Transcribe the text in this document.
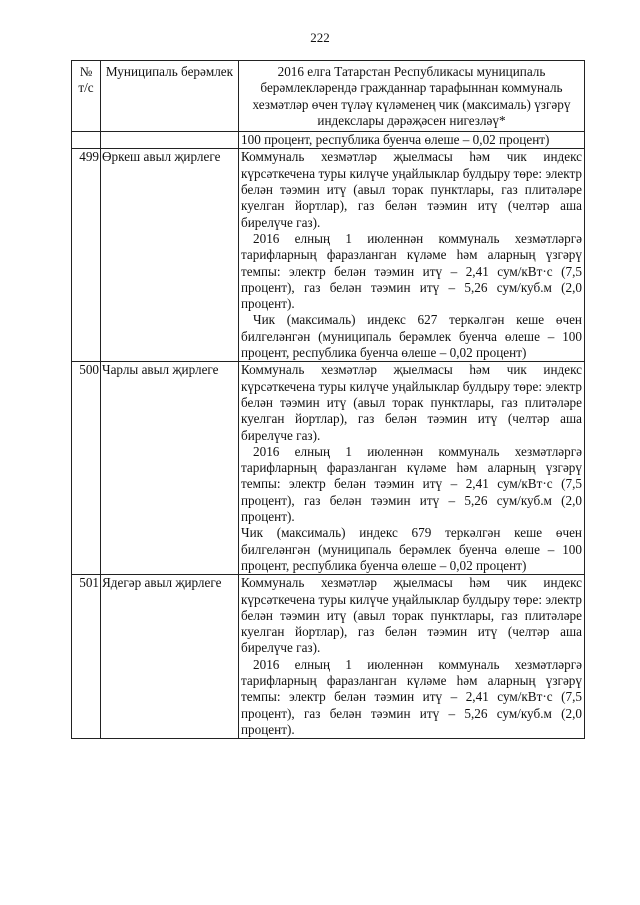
222
№ т/с	Муниципаль берәмлек	2016 елга Татарстан Республикасы муниципаль берәмлекләрендә гражданнар тарафыннан коммуналь хезмәтләр өчен түләү күләменең чик (максималь) үзгәрү индекслары дәрәҗәсен нигезләү*

		100 процент, республика буенча өлеше – 0,02 процент)

499	Өркеш авыл җирлеге	Коммуналь хезмәтләр җыелмасы һәм чик индекс күрсәткечена туры килүче уңайлыклар булдыру төре: электр белән тәэмин итү (авыл торак пунктлары, газ плитәләре куелган йортлар), газ белән тәэмин итү (челтәр аша бирелүче газ).

2016 елның 1 июленнән коммуналь хезмәтләргә тарифларның фаразланган күләме һәм аларның үзгәрү темпы: электр белән тәэмин итү – 2,41 сум/кВт·с (7,5 процент), газ белән тәэмин итү – 5,26 сум/куб.м (2,0 процент).

Чик (максималь) индекс 627 теркәлгән кеше өчен билгеләнгән (муниципаль берәмлек буенча өлеше – 100 процент, республика буенча өлеше – 0,02 процент)

500	Чарлы авыл җирлеге	Коммуналь хезмәтләр җыелмасы һәм чик индекс күрсәткечена туры килүче уңайлыклар булдыру төре: электр белән тәэмин итү (авыл торак пунктлары, газ плитәләре куелган йортлар), газ белән тәэмин итү (челтәр аша бирелүче газ).

2016 елның 1 июленнән коммуналь хезмәтләргә тарифларның фаразланган күләме һәм аларның үзгәрү темпы: электр белән тәэмин итү – 2,41 сум/кВт·с (7,5 процент), газ белән тәэмин итү – 5,26 сум/куб.м (2,0 процент).

Чик (максималь) индекс 679 теркәлгән кеше өчен билгеләнгән (муниципаль берәмлек буенча өлеше – 100 процент, республика буенча өлеше – 0,02 процент)

501	Ядегәр авыл җирлеге	Коммуналь хезмәтләр җыелмасы һәм чик индекс күрсәткечена туры килүче уңайлыклар булдыру төре: электр белән тәэмин итү (авыл торак пунктлары, газ плитәләре куелган йортлар), газ белән тәэмин итү (челтәр аша бирелүче газ).

2016 елның 1 июленнән коммуналь хезмәтләргә тарифларның фаразланган күләме һәм аларның үзгәрү темпы: электр белән тәэмин итү – 2,41 сум/кВт·с (7,5 процент), газ белән тәэмин итү – 5,26 сум/куб.м (2,0 процент).
